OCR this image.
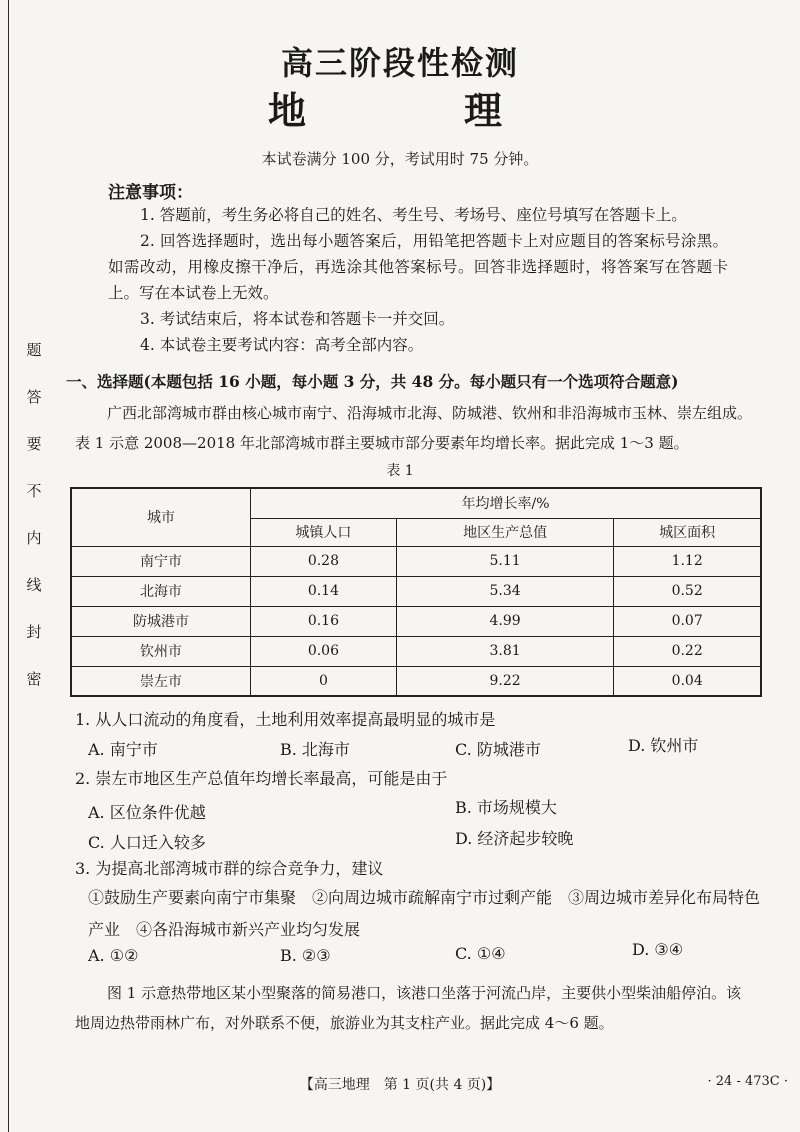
题
答
要
不
内
线
封
密
高三阶段性检测
地　理
本试卷满分 100 分，考试用时 75 分钟。
注意事项：
1. 答题前，考生务必将自己的姓名、考生号、考场号、座位号填写在答题卡上。
2. 回答选择题时，选出每小题答案后，用铅笔把答题卡上对应题目的答案标号涂黑。如需改动，用橡皮擦干净后，再选涂其他答案标号。回答非选择题时，将答案写在答题卡上。写在本试卷上无效。
3. 考试结束后，将本试卷和答题卡一并交回。
4. 本试卷主要考试内容：高考全部内容。
一、选择题(本题包括 16 小题，每小题 3 分，共 48 分。每小题只有一个选项符合题意)
广西北部湾城市群由核心城市南宁、沿海城市北海、防城港、钦州和非沿海城市玉林、崇左组成。表 1 示意 2008—2018 年北部湾城市群主要城市部分要素年均增长率。据此完成 1～3 题。
表 1
城市	年均增长率/%		
	城镇人口	地区生产总值	城区面积
南宁市	0.28	5.11	1.12
北海市	0.14	5.34	0.52
防城港市	0.16	4.99	0.07
钦州市	0.06	3.81	0.22
崇左市	0	9.22	0.04
1. 从人口流动的角度看，土地利用效率提高最明显的城市是
A. 南宁市	B. 北海市	C. 防城港市	D. 钦州市
2. 崇左市地区生产总值年均增长率最高，可能是由于
A. 区位条件优越	B. 市场规模大
C. 人口迁入较多	D. 经济起步较晚
3. 为提高北部湾城市群的综合竞争力，建议
①鼓励生产要素向南宁市集聚　②向周边城市疏解南宁市过剩产能　③周边城市差异化布局特色产业　④各沿海城市新兴产业均匀发展
A. ①②	B. ②③	C. ①④	D. ③④
图 1 示意热带地区某小型聚落的简易港口，该港口坐落于河流凸岸，主要供小型柴油船停泊。该地周边热带雨林广布，对外联系不便，旅游业为其支柱产业。据此完成 4～6 题。
【高三地理　第 1 页(共 4 页)】	· 24 - 473C ·
